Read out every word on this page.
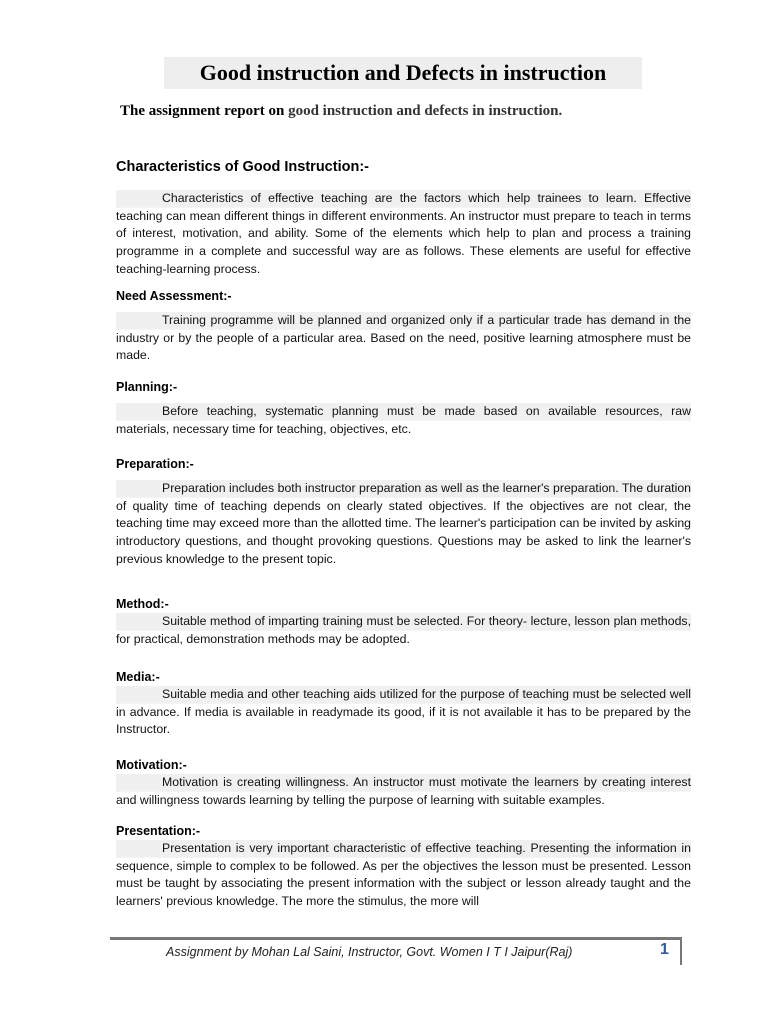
Good instruction and Defects in instruction
The assignment report on good instruction and defects in instruction.
Characteristics of Good Instruction:-
Characteristics of effective teaching are the factors which help trainees to learn. Effective teaching can mean different things in different environments. An instructor must prepare to teach in terms of interest, motivation, and ability. Some of the elements which help to plan and process a training programme in a complete and successful way are as follows. These elements are useful for effective teaching-learning process.
Need Assessment:-
Training programme will be planned and organized only if a particular trade has demand in the industry or by the people of a particular area. Based on the need, positive learning atmosphere must be made.
Planning:-
Before teaching, systematic planning must be made based on available resources, raw materials, necessary time for teaching, objectives, etc.
Preparation:-
Preparation includes both instructor preparation as well as the learner's preparation. The duration of quality time of teaching depends on clearly stated objectives. If the objectives are not clear, the teaching time may exceed more than the allotted time. The learner's participation can be invited by asking introductory questions, and thought provoking questions. Questions may be asked to link the learner's previous knowledge to the present topic.
Method:-
Suitable method of imparting training must be selected. For theory- lecture, lesson plan methods, for practical, demonstration methods may be adopted.
Media:-
Suitable media and other teaching aids utilized for the purpose of teaching must be selected well in advance. If media is available in readymade its good, if it is not available it has to be prepared by the Instructor.
Motivation:-
Motivation is creating willingness. An instructor must motivate the learners by creating interest and willingness towards learning by telling the purpose of learning with suitable examples.
Presentation:-
Presentation is very important characteristic of effective teaching. Presenting the information in sequence, simple to complex to be followed. As per the objectives the lesson must be presented. Lesson must be taught by associating the present information with the subject or lesson already taught and the learners' previous knowledge. The more the stimulus, the more will
Assignment by Mohan Lal Saini, Instructor, Govt. Women I T I Jaipur(Raj)	1
